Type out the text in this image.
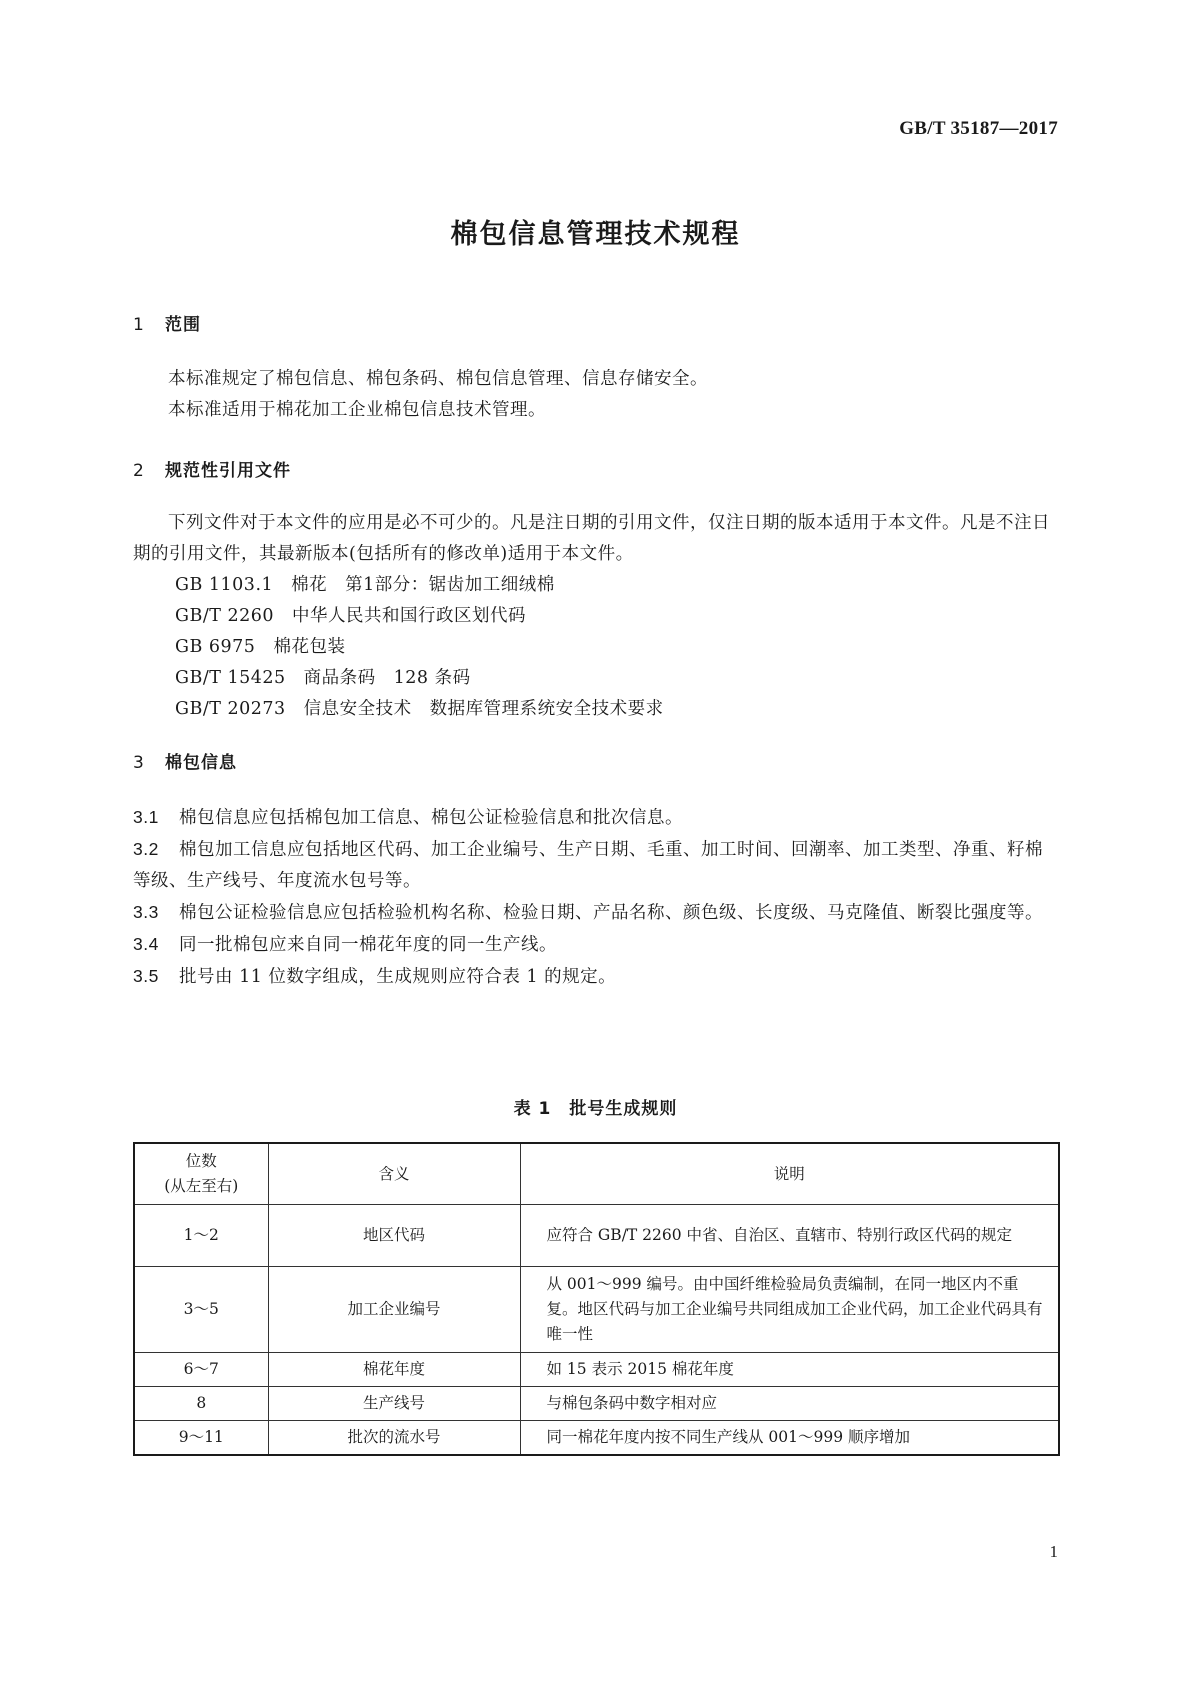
GB/T 35187—2017
棉包信息管理技术规程
1 范围
本标准规定了棉包信息、棉包条码、棉包信息管理、信息存储安全。
本标准适用于棉花加工企业棉包信息技术管理。
2 规范性引用文件
下列文件对于本文件的应用是必不可少的。凡是注日期的引用文件，仅注日期的版本适用于本文件。凡是不注日期的引用文件，其最新版本(包括所有的修改单)适用于本文件。
GB 1103.1 棉花　第1部分：锯齿加工细绒棉
GB/T 2260 中华人民共和国行政区划代码
GB 6975 棉花包装
GB/T 15425 商品条码　128 条码
GB/T 20273 信息安全技术　数据库管理系统安全技术要求
3 棉包信息
3.1 棉包信息应包括棉包加工信息、棉包公证检验信息和批次信息。
3.2 棉包加工信息应包括地区代码、加工企业编号、生产日期、毛重、加工时间、回潮率、加工类型、净重、籽棉等级、生产线号、年度流水包号等。
3.3 棉包公证检验信息应包括检验机构名称、检验日期、产品名称、颜色级、长度级、马克隆值、断裂比强度等。
3.4 同一批棉包应来自同一棉花年度的同一生产线。
3.5 批号由 11 位数字组成，生成规则应符合表 1 的规定。
表 1　批号生成规则
位数
(从左至右)	含义	说明
1～2	地区代码	应符合 GB/T 2260 中省、自治区、直辖市、特别行政区代码的规定
3～5	加工企业编号	从 001～999 编号。由中国纤维检验局负责编制，在同一地区内不重复。地区代码与加工企业编号共同组成加工企业代码，加工企业代码具有唯一性
6～7	棉花年度	如 15 表示 2015 棉花年度
8	生产线号	与棉包条码中数字相对应
9～11	批次的流水号	同一棉花年度内按不同生产线从 001～999 顺序增加
1
